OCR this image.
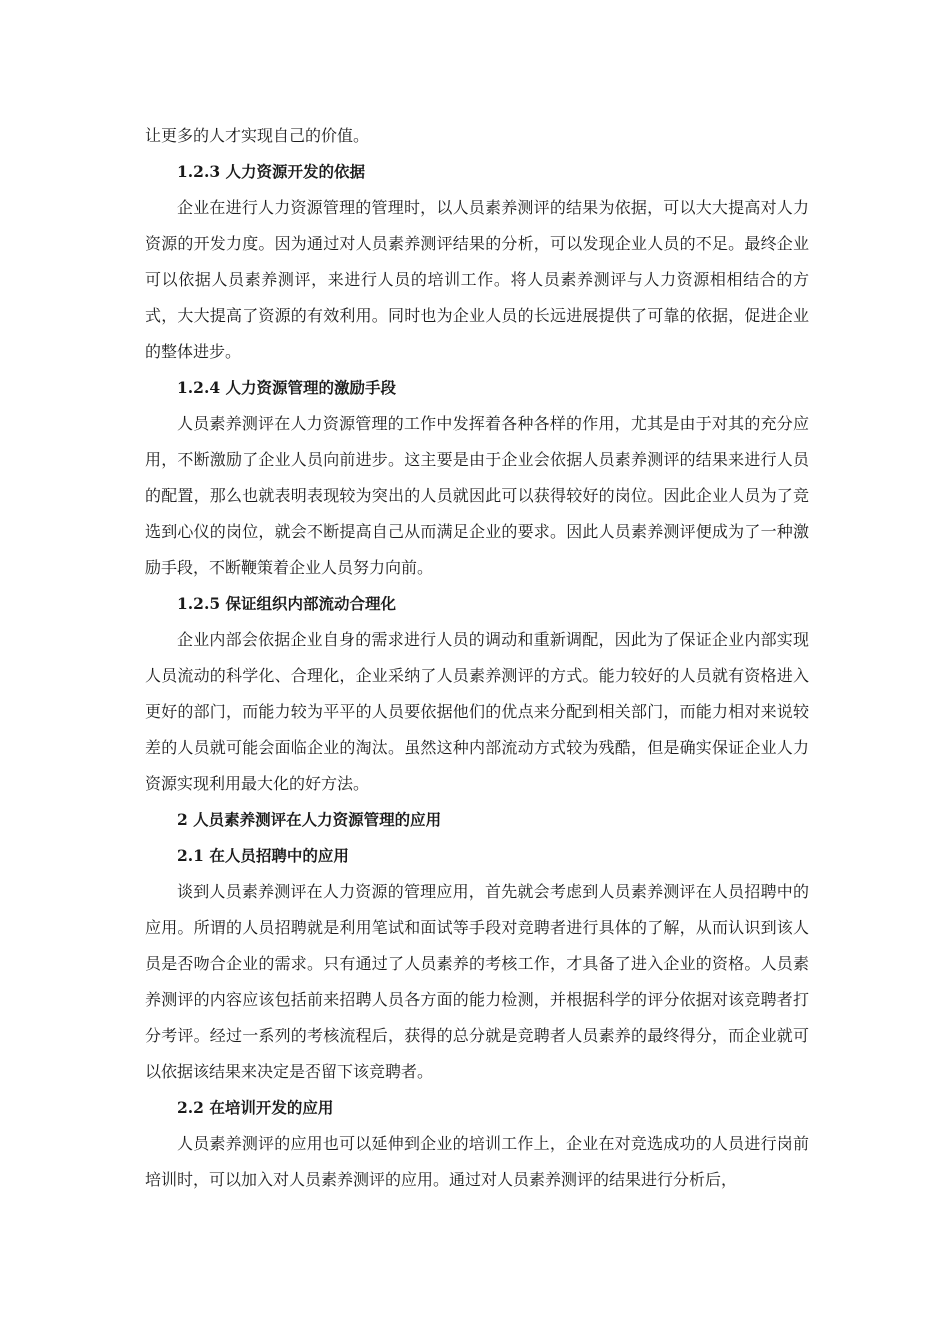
让更多的人才实现自己的价值。

1.2.3 人力资源开发的依据

企业在进行人力资源管理的管理时，以人员素养测评的结果为依据，可以大大提高对人力资源的开发力度。因为通过对人员素养测评结果的分析，可以发现企业人员的不足。最终企业可以依据人员素养测评，来进行人员的培训工作。将人员素养测评与人力资源相相结合的方式，大大提高了资源的有效利用。同时也为企业人员的长远进展提供了可靠的依据，促进企业的整体进步。

1.2.4 人力资源管理的激励手段

人员素养测评在人力资源管理的工作中发挥着各种各样的作用，尤其是由于对其的充分应用，不断激励了企业人员向前进步。这主要是由于企业会依据人员素养测评的结果来进行人员的配置，那么也就表明表现较为突出的人员就因此可以获得较好的岗位。因此企业人员为了竞选到心仪的岗位，就会不断提高自己从而满足企业的要求。因此人员素养测评便成为了一种激励手段，不断鞭策着企业人员努力向前。

1.2.5 保证组织内部流动合理化

企业内部会依据企业自身的需求进行人员的调动和重新调配，因此为了保证企业内部实现人员流动的科学化、合理化，企业采纳了人员素养测评的方式。能力较好的人员就有资格进入更好的部门，而能力较为平平的人员要依据他们的优点来分配到相关部门，而能力相对来说较差的人员就可能会面临企业的淘汰。虽然这种内部流动方式较为残酷，但是确实保证企业人力资源实现利用最大化的好方法。

2 人员素养测评在人力资源管理的应用
2.1 在人员招聘中的应用

谈到人员素养测评在人力资源的管理应用，首先就会考虑到人员素养测评在人员招聘中的应用。所谓的人员招聘就是利用笔试和面试等手段对竞聘者进行具体的了解，从而认识到该人员是否吻合企业的需求。只有通过了人员素养的考核工作，才具备了进入企业的资格。人员素养测评的内容应该包括前来招聘人员各方面的能力检测，并根据科学的评分依据对该竞聘者打分考评。经过一系列的考核流程后，获得的总分就是竞聘者人员素养的最终得分，而企业就可以依据该结果来决定是否留下该竞聘者。

2.2 在培训开发的应用

人员素养测评的应用也可以延伸到企业的培训工作上，企业在对竞选成功的人员进行岗前培训时，可以加入对人员素养测评的应用。通过对人员素养测评的结果进行分析后，
